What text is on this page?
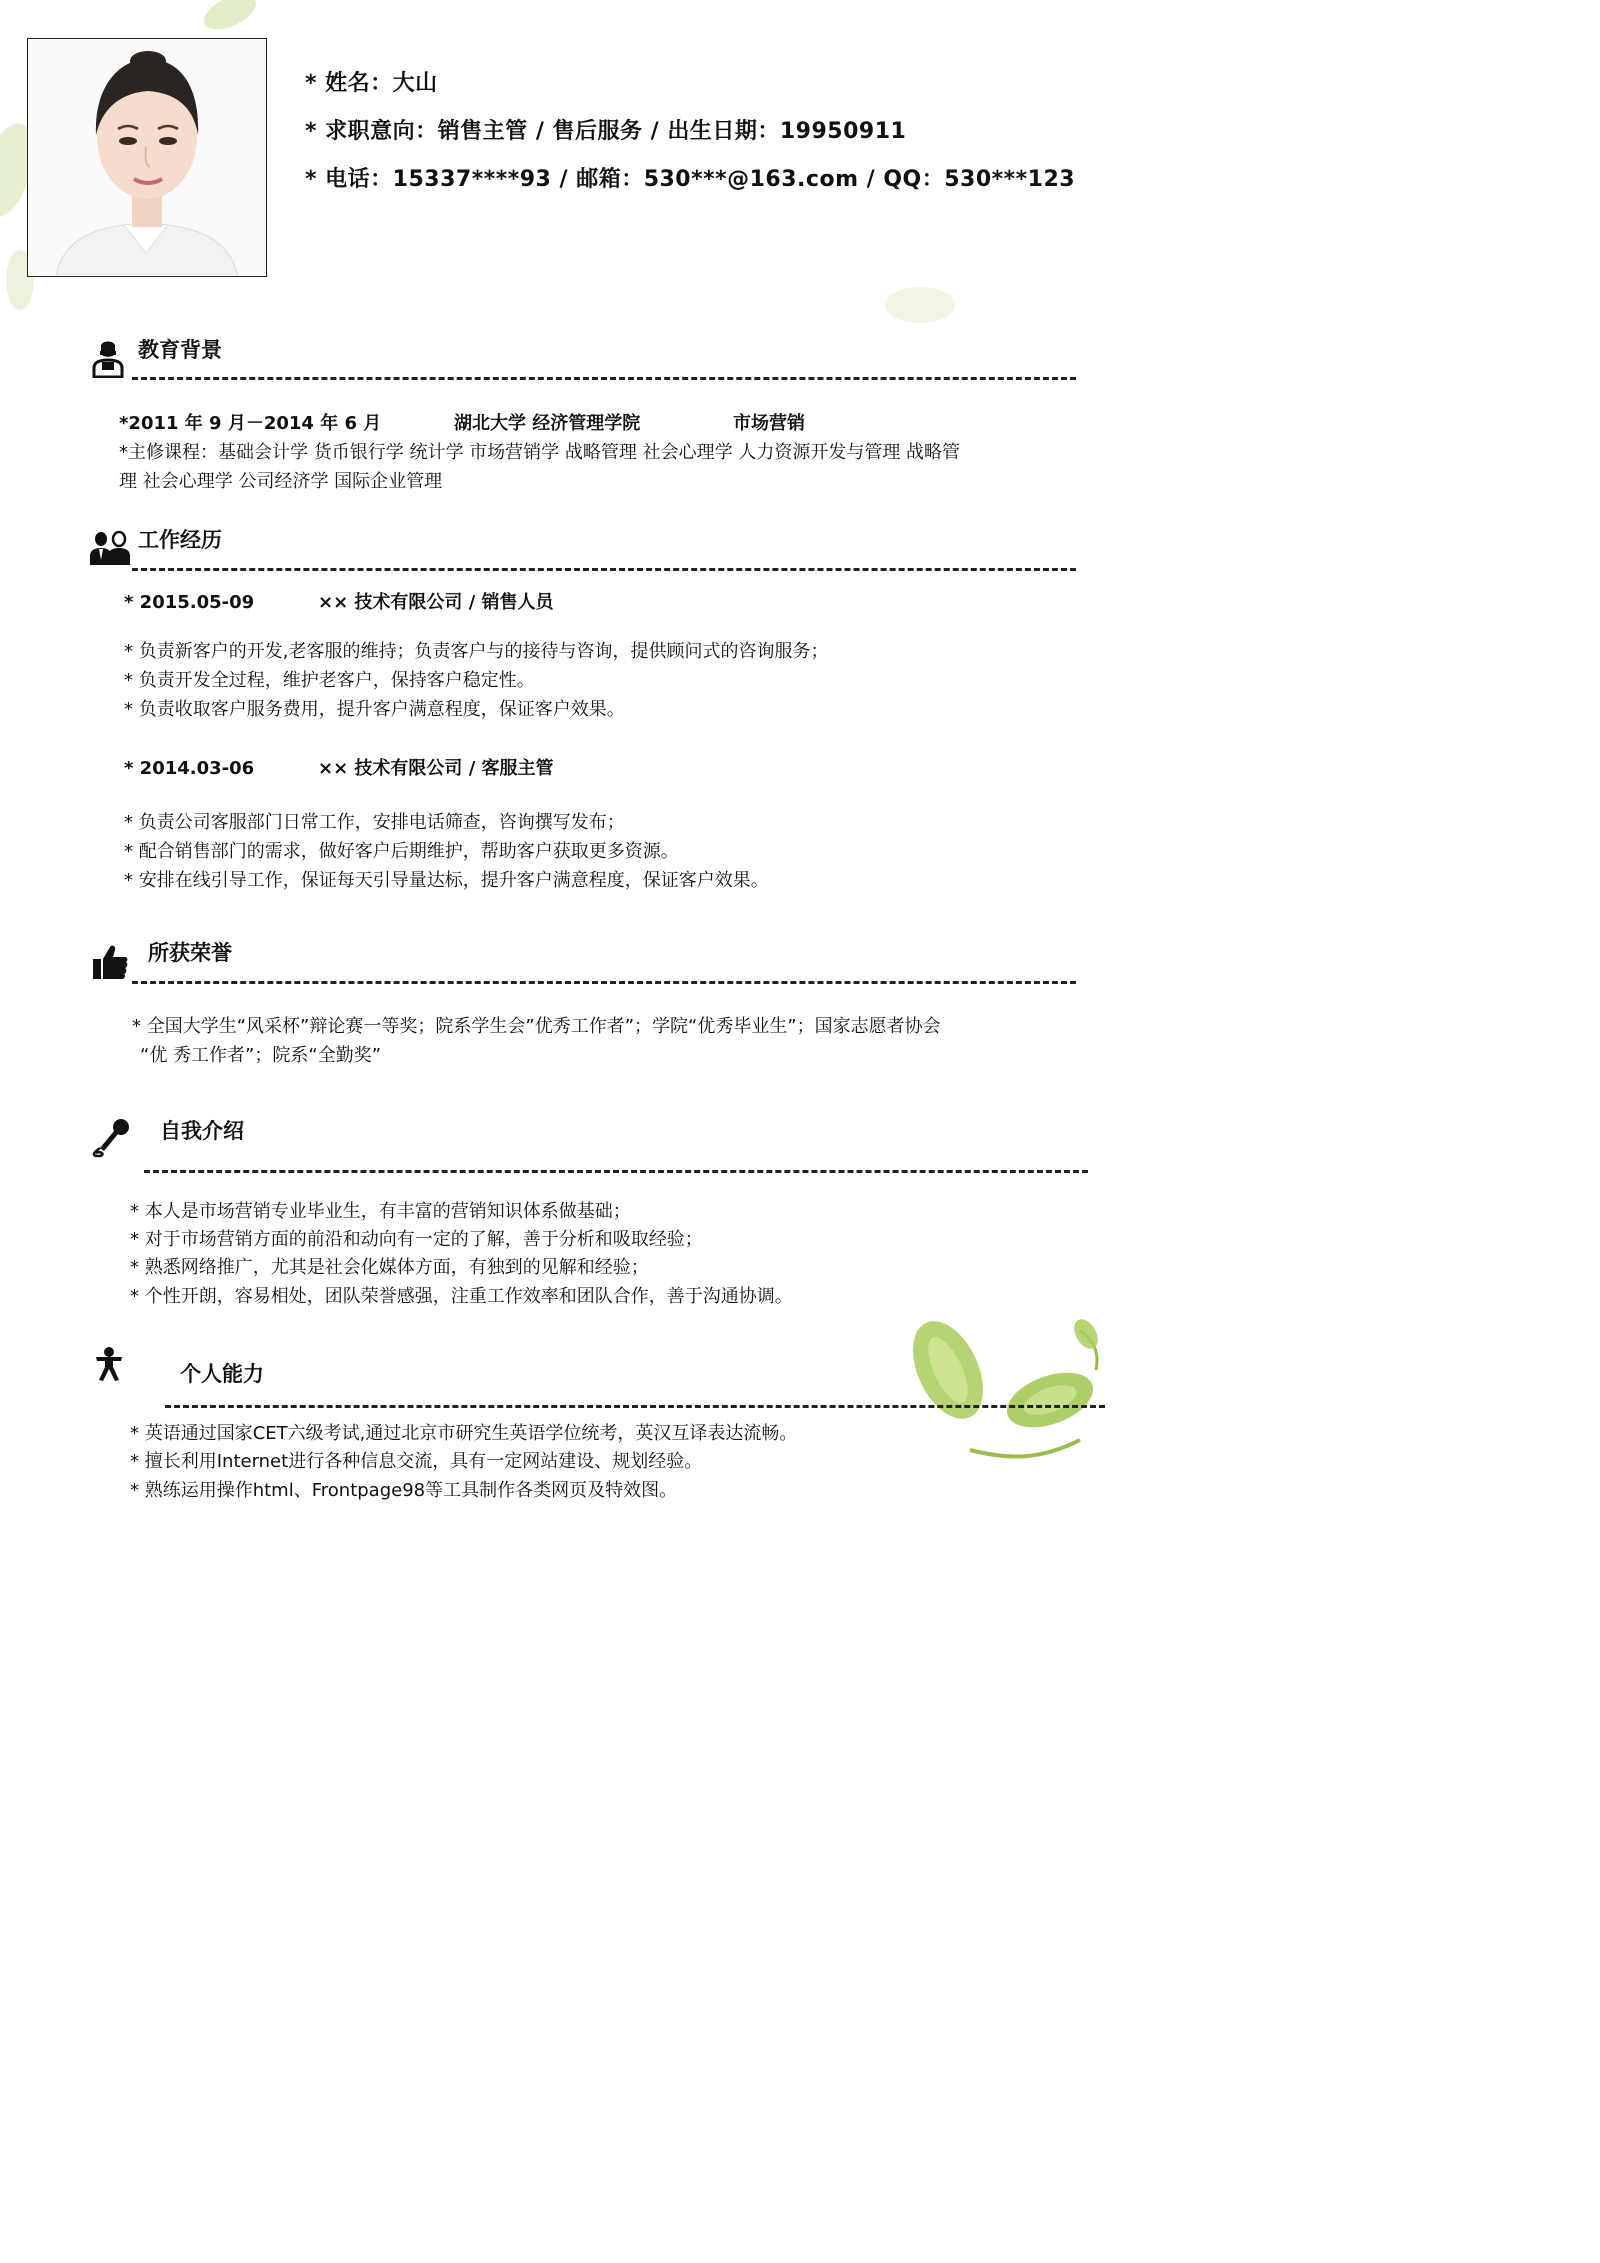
* 姓名：大山
* 求职意向：销售主管 / 售后服务 / 出生日期：19950911
* 电话：15337****93 / 邮箱：530***@163.com / QQ：530***123
教育背景
*2011 年 9 月－2014 年 6 月	湖北大学 经济管理学院	市场营销
*主修课程：基础会计学 货币银行学 统计学 市场营销学 战略管理 社会心理学 人力资源开发与管理 战略管
理 社会心理学 公司经济学 国际企业管理
工作经历
* 2015.05-09	×× 技术有限公司 / 销售人员
* 负责新客户的开发,老客服的维持；负责客户与的接待与咨询，提供顾问式的咨询服务；
* 负责开发全过程，维护老客户，保持客户稳定性。
* 负责收取客户服务费用，提升客户满意程度，保证客户效果。
* 2014.03-06	×× 技术有限公司 / 客服主管
* 负责公司客服部门日常工作，安排电话筛查，咨询撰写发布；
* 配合销售部门的需求，做好客户后期维护，帮助客户获取更多资源。
* 安排在线引导工作，保证每天引导量达标，提升客户满意程度，保证客户效果。
所获荣誉
* 全国大学生“风采杯”辩论赛一等奖；院系学生会”优秀工作者”；学院“优秀毕业生”；国家志愿者协会
“优 秀工作者”；院系“全勤奖”
自我介绍
* 本人是市场营销专业毕业生，有丰富的营销知识体系做基础；
* 对于市场营销方面的前沿和动向有一定的了解，善于分析和吸取经验；
* 熟悉网络推广，尤其是社会化媒体方面，有独到的见解和经验；
* 个性开朗，容易相处，团队荣誉感强，注重工作效率和团队合作，善于沟通协调。
个人能力
* 英语通过国家CET六级考试,通过北京市研究生英语学位统考，英汉互译表达流畅。
* 擅长利用Internet进行各种信息交流，具有一定网站建设、规划经验。
* 熟练运用操作html、Frontpage98等工具制作各类网页及特效图。
